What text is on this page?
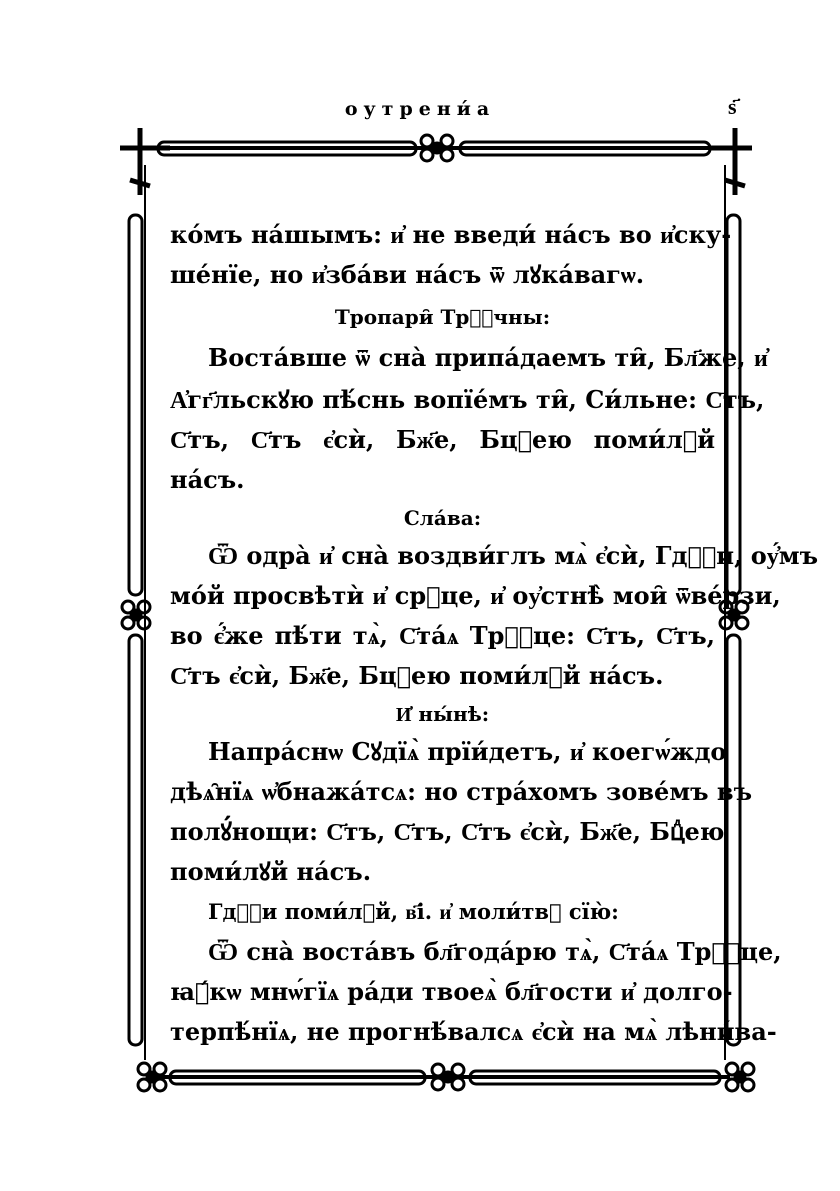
оутрени́а	ѕ҃
ко́мъ на́шымъ: и҆ не введи́ на́съ во и҆ску-
ше́нїе, но и҆зба́ви на́съ ѿ лꙋка́вагѡ.
Тропари̑ Трⷪ҇чны:
Воста́вше ѿ сна̀ припа́даемъ ти̑, Бл҃же, и҆
А҆гг҃льскꙋю пѣ́снь вопїе́мъ ти̑, Си́льне: С҃тъ,
С҃тъ, С҃тъ є҆сѝ, Бж҃е, Бцⷣею поми́лꙋй
на́съ.
Сла́ва:
Ѿ одра̀ и҆ сна̀ воздви́глъ мѧ̀ є҆сѝ, Гдⷭ҇и, оу҆́мъ
мо́й просвѣтѝ и҆ срⷣце, и҆ оу҆стнѣ̀ мои̑ ѿве́рзи,
во є҆́же пѣ́ти тѧ̀, С҃та́ѧ Трⷪ҇це: С҃тъ, С҃тъ,
С҃тъ є҆сѝ, Бж҃е, Бцⷣею поми́лꙋй на́съ.
И҆ ны́нѣ:
Напра́снѡ Сꙋдїѧ̀ прїи́детъ, и҆ коегѡ́ждо
дѣѧ̑нїѧ ѡ҆бнажа́тсѧ: но стра́хомъ зове́мъ въ
полꙋ́нощи: С҃тъ, С҃тъ, С҃тъ є҆сѝ, Бж҃е, Бцⷣею
поми́лꙋй на́съ.
Гдⷭ҇и поми́лꙋй, в҃і. и҆ моли́твꙋ сїю̀:
Ѿ сна̀ воста́въ бл҃года́рю тѧ̀, С҃та́ѧ Трⷪ҇це,
ꙗ҆́кѡ мнѡ́гїѧ ра́ди твоеѧ̀ бл҃гости и҆ долго-
терпѣ́нїѧ, не прогнѣ́валсѧ є҆сѝ на мѧ̀ лѣни́ва-
